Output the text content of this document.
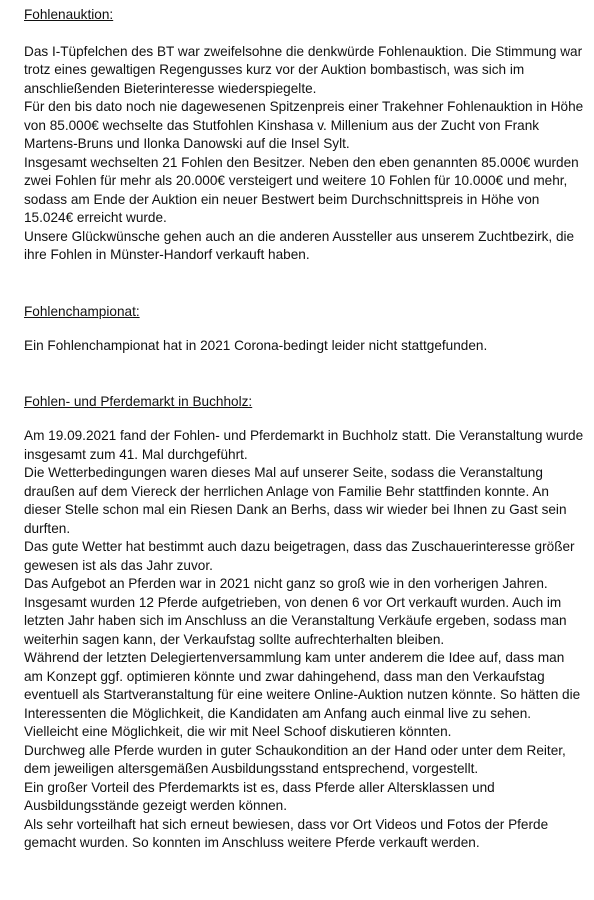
Fohlenauktion:

Das I-Tüpfelchen des BT war zweifelsohne die denkwürde Fohlenauktion. Die Stimmung war trotz eines gewaltigen Regengusses kurz vor der Auktion bombastisch, was sich im anschließenden Bieterinteresse wiederspiegelte.

Für den bis dato noch nie dagewesenen Spitzenpreis einer Trakehner Fohlenauktion in Höhe von 85.000€ wechselte das Stutfohlen Kinshasa v. Millenium aus der Zucht von Frank Martens-Bruns und Ilonka Danowski auf die Insel Sylt.

Insgesamt wechselten 21 Fohlen den Besitzer. Neben den eben genannten 85.000€ wurden zwei Fohlen für mehr als 20.000€ versteigert und weitere 10 Fohlen für 10.000€ und mehr, sodass am Ende der Auktion ein neuer Bestwert beim Durchschnittspreis in Höhe von 15.024€ erreicht wurde.

Unsere Glückwünsche gehen auch an die anderen Aussteller aus unserem Zuchtbezirk, die ihre Fohlen in Münster-Handorf verkauft haben.

Fohlenchampionat:

Ein Fohlenchampionat hat in 2021 Corona-bedingt leider nicht stattgefunden.

Fohlen- und Pferdemarkt in Buchholz:

Am 19.09.2021 fand der Fohlen- und Pferdemarkt in Buchholz statt. Die Veranstaltung wurde insgesamt zum 41. Mal durchgeführt.

Die Wetterbedingungen waren dieses Mal auf unserer Seite, sodass die Veranstaltung draußen auf dem Viereck der herrlichen Anlage von Familie Behr stattfinden konnte. An dieser Stelle schon mal ein Riesen Dank an Berhs, dass wir wieder bei Ihnen zu Gast sein durften.

Das gute Wetter hat bestimmt auch dazu beigetragen, dass das Zuschauerinteresse größer gewesen ist als das Jahr zuvor.

Das Aufgebot an Pferden war in 2021 nicht ganz so groß wie in den vorherigen Jahren. Insgesamt wurden 12 Pferde aufgetrieben, von denen 6 vor Ort verkauft wurden. Auch im letzten Jahr haben sich im Anschluss an die Veranstaltung Verkäufe ergeben, sodass man weiterhin sagen kann, der Verkaufstag sollte aufrechterhalten bleiben.

Während der letzten Delegiertenversammlung kam unter anderem die Idee auf, dass man am Konzept ggf. optimieren könnte und zwar dahingehend, dass man den Verkaufstag eventuell als Startveranstaltung für eine weitere Online-Auktion nutzen könnte. So hätten die Interessenten die Möglichkeit, die Kandidaten am Anfang auch einmal live zu sehen. Vielleicht eine Möglichkeit, die wir mit Neel Schoof diskutieren könnten.

Durchweg alle Pferde wurden in guter Schaukondition an der Hand oder unter dem Reiter, dem jeweiligen altersgemäßen Ausbildungsstand entsprechend, vorgestellt.

Ein großer Vorteil des Pferdemarkts ist es, dass Pferde aller Altersklassen und Ausbildungsstände gezeigt werden können.

Als sehr vorteilhaft hat sich erneut bewiesen, dass vor Ort Videos und Fotos der Pferde gemacht wurden. So konnten im Anschluss weitere Pferde verkauft werden.
